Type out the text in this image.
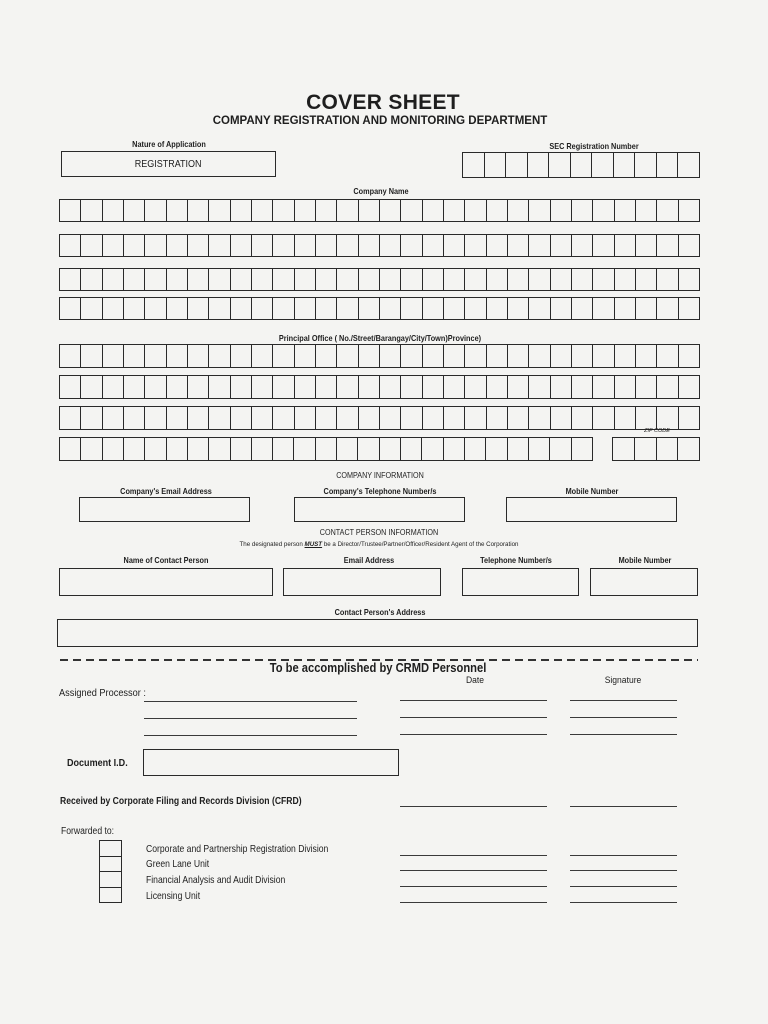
COVER SHEET
COMPANY REGISTRATION AND MONITORING DEPARTMENT
Nature of Application	SEC Registration Number
REGISTRATION
Company Name
Principal Office ( No./Street/Barangay/City/Town)Province)
ZIP CODE
COMPANY INFORMATION
Company's Email Address	Company's Telephone Number/s	Mobile Number
CONTACT PERSON INFORMATION
The designated person MUST be a Director/Trustee/Partner/Officer/Resident Agent of the Corporation
Name of Contact Person	Email Address	Telephone Number/s	Mobile Number
Contact Person's Address
To be accomplished by CRMD Personnel
Date	Signature
Assigned Processor :
Document I.D.
Received by Corporate Filing and Records Division (CFRD)
Forwarded to:
Corporate and Partnership Registration Division
Green Lane Unit
Financial Analysis and Audit Division
Licensing Unit
